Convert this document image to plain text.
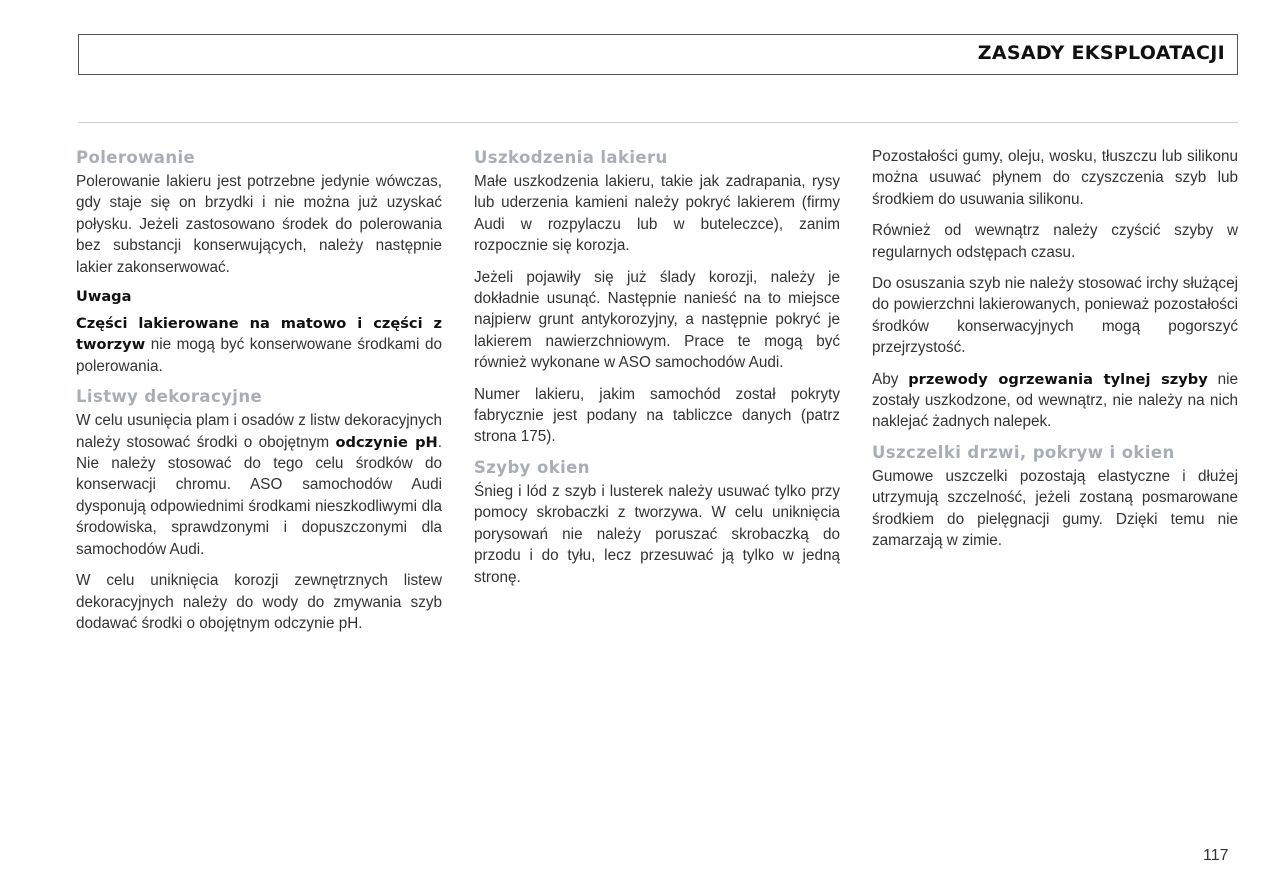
ZASADY EKSPLOATACJI
Polerowanie

Polerowanie lakieru jest potrzebne jedynie wówczas, gdy staje się on brzydki i nie można już uzyskać połysku. Jeżeli zastosowano środek do polerowania bez substancji konserwujących, należy następnie lakier zakonserwować.

Uwaga

Części lakierowane na matowo i części z tworzyw nie mogą być konserwowane środkami do polerowania.

Listwy dekoracyjne

W celu usunięcia plam i osadów z listw dekoracyjnych należy stosować środki o obojętnym odczynie pH. Nie należy stosować do tego celu środków do konserwacji chromu. ASO samochodów Audi dysponują odpowiednimi środkami nieszkodliwymi dla środowiska, sprawdzonymi i dopuszczonymi dla samochodów Audi.

W celu uniknięcia korozji zewnętrznych listew dekoracyjnych należy do wody do zmywania szyb dodawać środki o obojętnym odczynie pH.

Uszkodzenia lakieru

Małe uszkodzenia lakieru, takie jak zadrapania, rysy lub uderzenia kamieni należy pokryć lakierem (firmy Audi w rozpylaczu lub w buteleczce), zanim rozpocznie się korozja.

Jeżeli pojawiły się już ślady korozji, należy je dokładnie usunąć. Następnie nanieść na to miejsce najpierw grunt antykorozyjny, a następnie pokryć je lakierem nawierzchniowym. Prace te mogą być również wykonane w ASO samochodów Audi.

Numer lakieru, jakim samochód został pokryty fabrycznie jest podany na tabliczce danych (patrz strona 175).

Szyby okien

Śnieg i lód z szyb i lusterek należy usuwać tylko przy pomocy skrobaczki z tworzywa. W celu uniknięcia porysowań nie należy poruszać skrobaczką do przodu i do tyłu, lecz przesuwać ją tylko w jedną stronę.

Pozostałości gumy, oleju, wosku, tłuszczu lub silikonu można usuwać płynem do czyszczenia szyb lub środkiem do usuwania silikonu.

Również od wewnątrz należy czyścić szyby w regularnych odstępach czasu.

Do osuszania szyb nie należy stosować irchy służącej do powierzchni lakierowanych, ponieważ pozostałości środków konserwacyjnych mogą pogorszyć przejrzystość.

Aby przewody ogrzewania tylnej szyby nie zostały uszkodzone, od wewnątrz, nie należy na nich naklejać żadnych nalepek.

Uszczelki drzwi, pokryw i okien

Gumowe uszczelki pozostają elastyczne i dłużej utrzymują szczelność, jeżeli zostaną posmarowane środkiem do pielęgnacji gumy. Dzięki temu nie zamarzają w zimie.

117
